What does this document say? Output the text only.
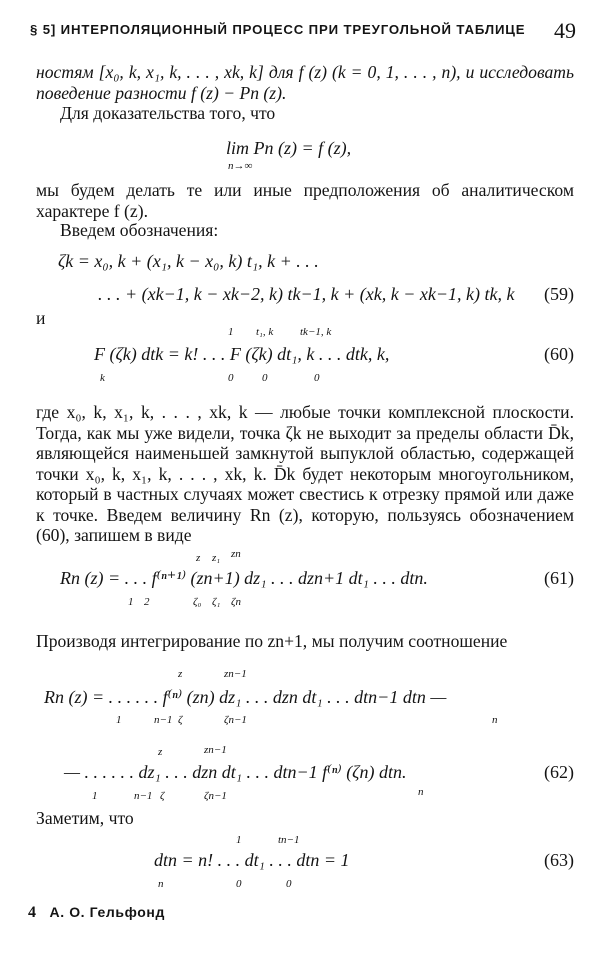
§ 5] ИНТЕРПОЛЯЦИОННЫЙ ПРОЦЕСС ПРИ ТРЕУГОЛЬНОЙ ТАБЛИЦЕ 49
ностям [x₀, k, x₁, k, . . . , xk, k] для f (z) (k = 0, 1, . . . , n), и исследовать поведение разности f (z) − Pn (z).
Для доказательства того, что
lim Pn (z) = f (z),
n→∞
мы будем делать те или иные предположения об аналитическом характере f (z).
Введем обозначения:
ζk = x₀, k + (x₁, k − x₀, k) t₁, k + . . .
. . . + (xk−1, k − xk−2, k) tk−1, k + (xk, k − xk−1, k) tk, k (59)
и
F (ζk) dtk = k! . . . F (ζk) dt₁, k . . . dtk, k,
k
1
0
t₁, k
0
tk−1, k
0
(60)
где x₀, k, x₁, k, . . . , xk, k — любые точки комплексной плоскости. Тогда, как мы уже видели, точка ζk не выходит за пределы области D̄k, являющейся наименьшей замкнутой выпуклой областью, содержащей точки x₀, k, x₁, k, . . . , xk, k. D̄k будет некоторым многоугольником, который в частных случаях может свестись к отрезку прямой или даже к точке. Введем величину Rn (z), которую, пользуясь обозначением (60), запишем в виде
Rn (z) = . . . f⁽ⁿ⁺¹⁾ (zn+1) dz₁ . . . dzn+1 dt₁ . . . dtn.
1 2
z
ζ₀
z₁
ζ₁
zn
ζn
(61)
Производя интегрирование по zn+1, мы получим соотношение
Rn (z) = . . . . . . f⁽ⁿ⁾ (zn) dz₁ . . . dzn dt₁ . . . dtn−1 dtn —
1	n−1
z
ζ
zn−1
ζn−1	n
— . . . . . . dz₁ . . . dzn dt₁ . . . dtn−1 f⁽ⁿ⁾ (ζn) dtn.
1	n−1
z
ζ
zn−1
ζn−1	n
(62)
Заметим, что
dtn = n! . . . dt₁ . . . dtn = 1
n
1
0
tn−1
0
(63)
4 А. О. Гельфонд
